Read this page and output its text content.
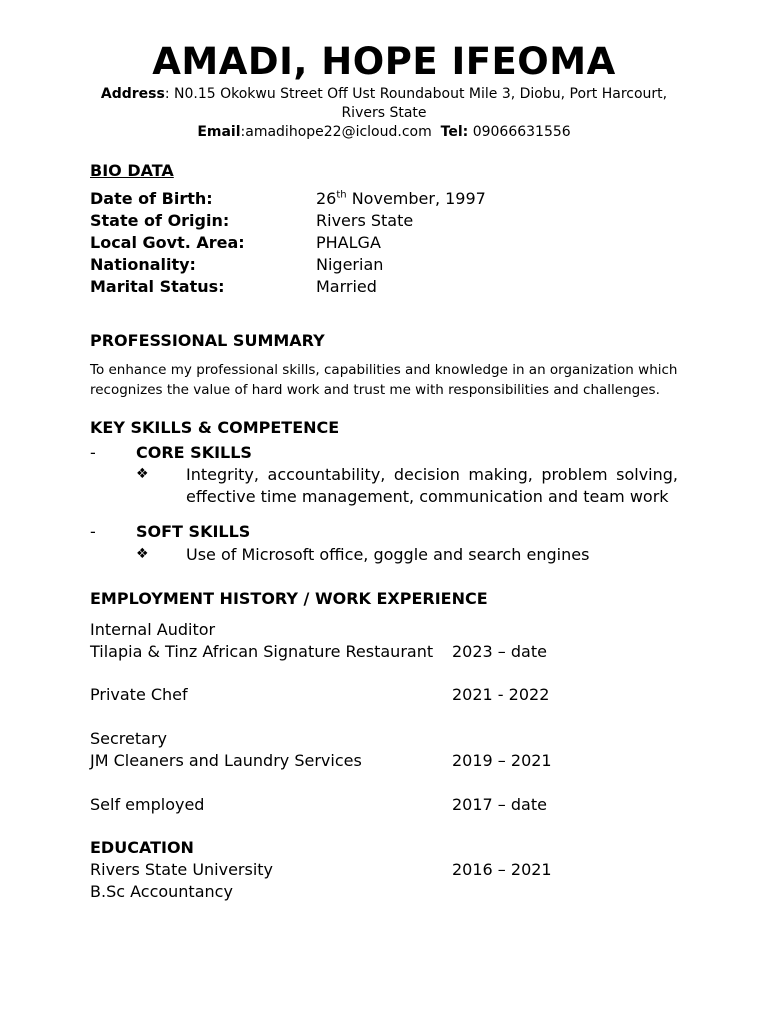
AMADI, HOPE IFEOMA
Address: N0.15 Okokwu Street Off Ust Roundabout Mile 3, Diobu, Port Harcourt,
Rivers State
Email:amadihope22@icloud.com Tel: 09066631556
BIO DATA
Date of Birth:	26th November, 1997
State of Origin:	Rivers State
Local Govt. Area:	PHALGA
Nationality:	Nigerian
Marital Status:	Married
PROFESSIONAL SUMMARY
To enhance my professional skills, capabilities and knowledge in an organization which recognizes the value of hard work and trust me with responsibilities and challenges.
KEY SKILLS & COMPETENCE
-	CORE SKILLS
❖ Integrity, accountability, decision making, problem solving, effective time management, communication and team work
-	SOFT SKILLS
❖ Use of Microsoft office, goggle and search engines
EMPLOYMENT HISTORY / WORK EXPERIENCE
Internal Auditor
Tilapia & Tinz African Signature Restaurant 2023 – date
Private Chef	2021 - 2022
Secretary
JM Cleaners and Laundry Services	2019 – 2021
Self employed	2017 – date
EDUCATION
Rivers State University	2016 – 2021
B.Sc Accountancy
